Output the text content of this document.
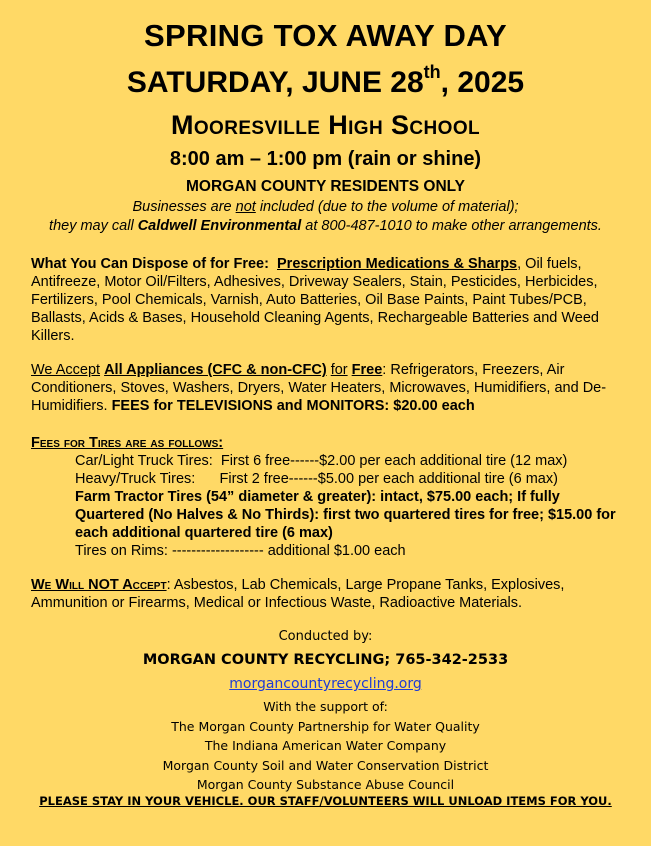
SPRING TOX AWAY DAY
SATURDAY, JUNE 28th, 2025
Mooresville High School
8:00 am – 1:00 pm (rain or shine)
MORGAN COUNTY RESIDENTS ONLY
Businesses are not included (due to the volume of material);
they may call Caldwell Environmental at 800-487-1010 to make other arrangements.
What You Can Dispose of for Free: Prescription Medications & Sharps, Oil fuels, Antifreeze, Motor Oil/Filters, Adhesives, Driveway Sealers, Stain, Pesticides, Herbicides, Fertilizers, Pool Chemicals, Varnish, Auto Batteries, Oil Base Paints, Paint Tubes/PCB, Ballasts, Acids & Bases, Household Cleaning Agents, Rechargeable Batteries and Weed Killers.
We Accept All Appliances (CFC & non-CFC) for Free: Refrigerators, Freezers, Air Conditioners, Stoves, Washers, Dryers, Water Heaters, Microwaves, Humidifiers, and De-Humidifiers. FEES for TELEVISIONS and MONITORS: $20.00 each
Fees for Tires are as follows:
Car/Light Truck Tires:  First 6 free------$2.00 per each additional tire (12 max)
Heavy/Truck Tires:      First 2 free------$5.00 per each additional tire (6 max)
Farm Tractor Tires (54” diameter & greater): intact, $75.00 each; If fully Quartered (No Halves & No Thirds): first two quartered tires for free; $15.00 for each additional quartered tire (6 max)
Tires on Rims: ------------------- additional $1.00 each
We Will NOT Accept: Asbestos, Lab Chemicals, Large Propane Tanks, Explosives, Ammunition or Firearms, Medical or Infectious Waste, Radioactive Materials.
Conducted by:
MORGAN COUNTY RECYCLING; 765-342-2533
morgancountyrecycling.org
With the support of:
The Morgan County Partnership for Water Quality
The Indiana American Water Company
Morgan County Soil and Water Conservation District
Morgan County Substance Abuse Council
PLEASE STAY IN YOUR VEHICLE. OUR STAFF/VOLUNTEERS WILL UNLOAD ITEMS FOR YOU.
